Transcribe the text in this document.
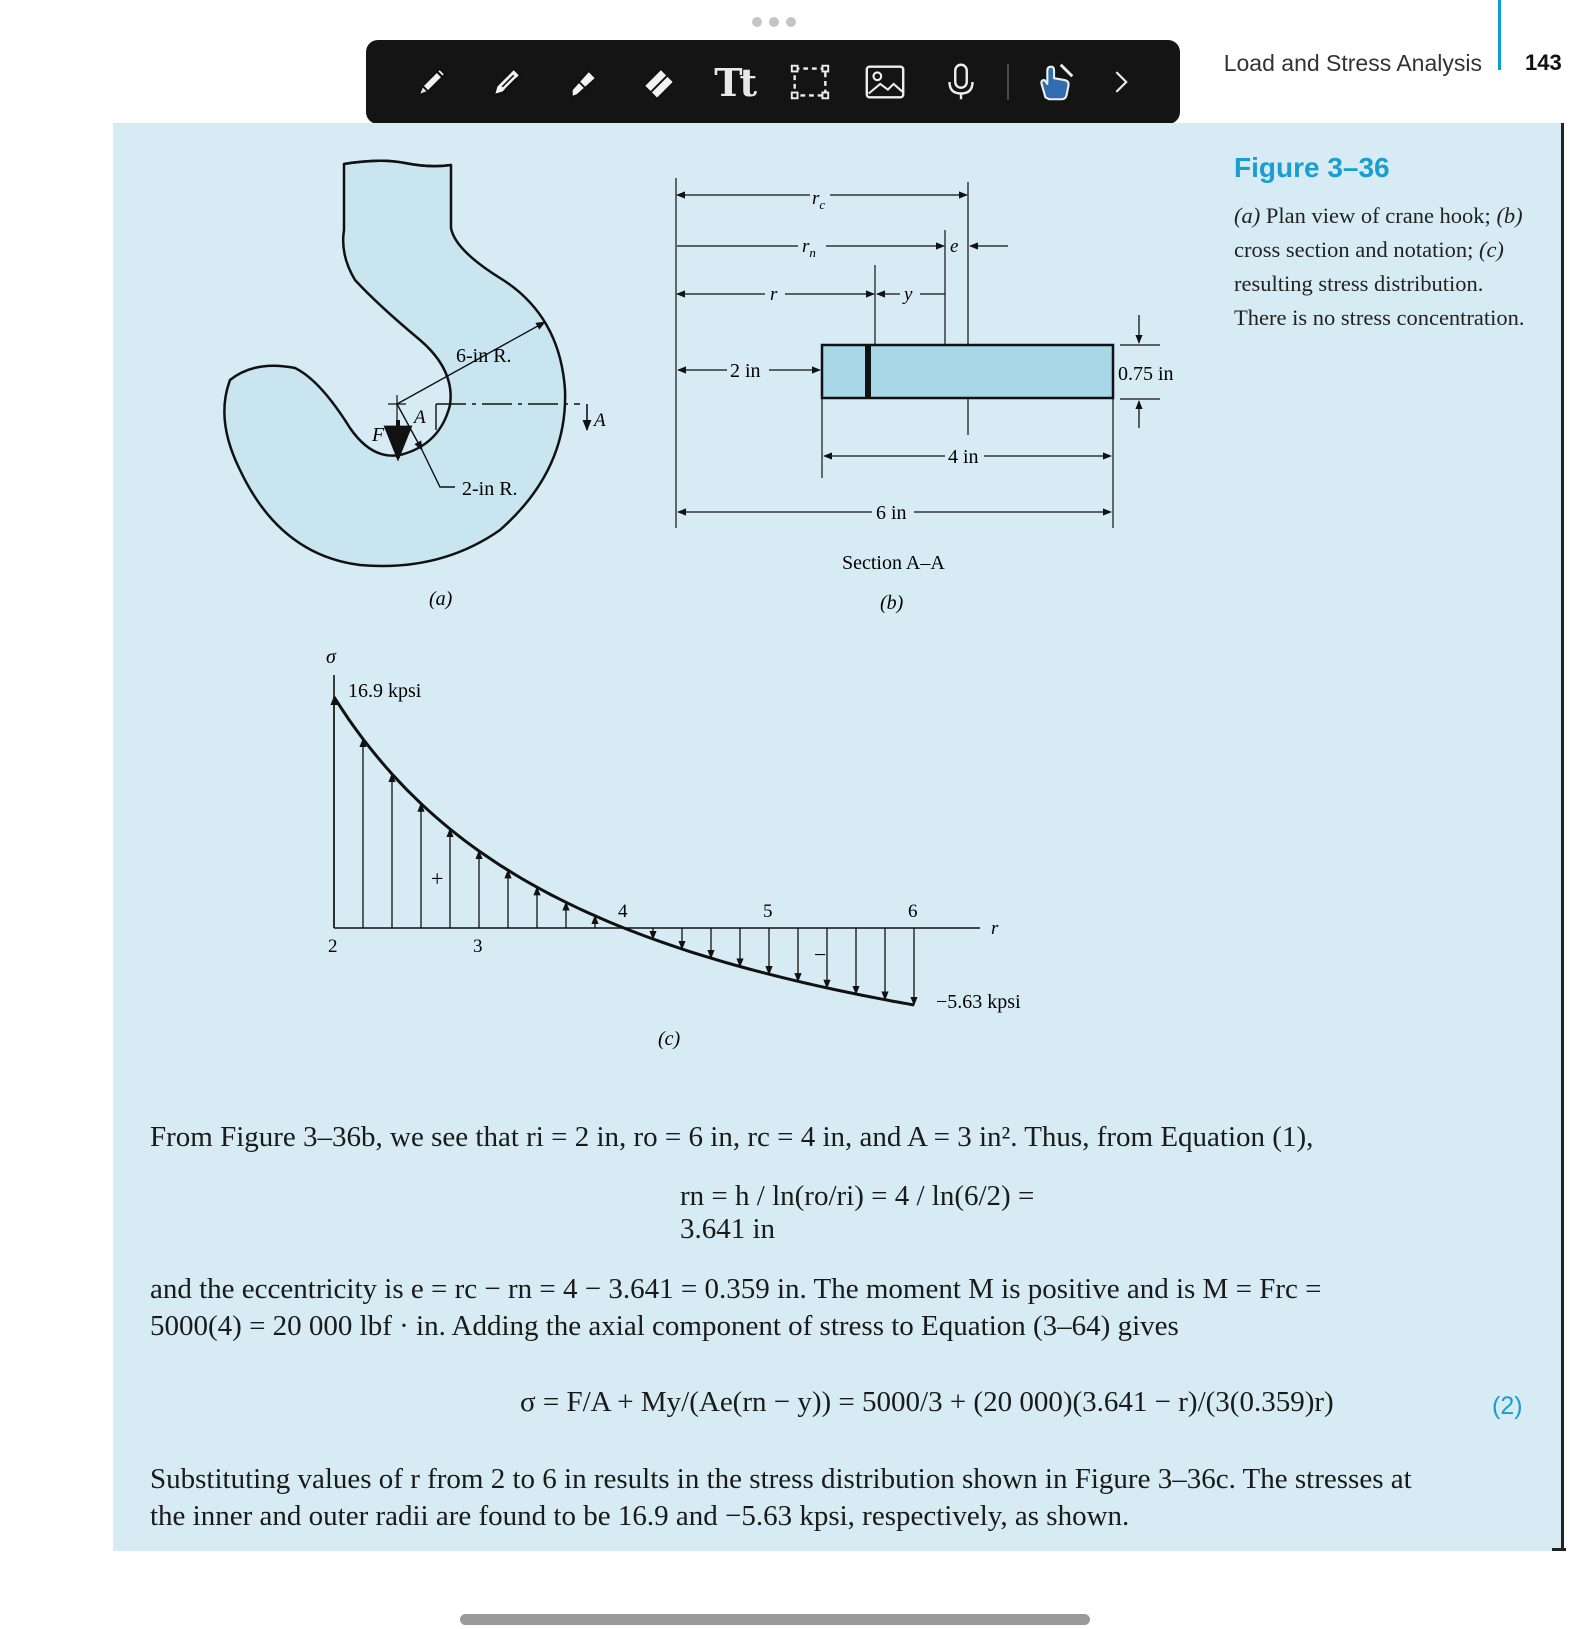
Tt	Load and Stress Analysis 143
Figure 3–36
(a) Plan view of crane hook; (b) cross section and notation; (c) resulting stress distribution. There is no stress concentration.
6-in R.
2-in R.
F
A	A
(a)
$r_c$
$r_n$	e
r	y
2 in
4 in
6 in
0.75 in
Section A–A
(b)
σ
16.9 kpsi
−5.63 kpsi
r
+
−
(c)
2	3
4	5	6
From Figure 3–36b, we see that ri = 2 in, ro = 6 in, rc = 4 in, and A = 3 in². Thus, from Equation (1),
rn = h / ln(ro/ri) = 4 / ln(6/2) = 3.641 in
and the eccentricity is e = rc − rn = 4 − 3.641 = 0.359 in. The moment M is positive and is M = Frc =
5000(4) = 20 000 lbf · in. Adding the axial component of stress to Equation (3–64) gives
σ = F/A + My/(Ae(rn − y)) = 5000/3 + (20 000)(3.641 − r)/(3(0.359)r)	(2)
Substituting values of r from 2 to 6 in results in the stress distribution shown in Figure 3–36c. The stresses at
the inner and outer radii are found to be 16.9 and −5.63 kpsi, respectively, as shown.
